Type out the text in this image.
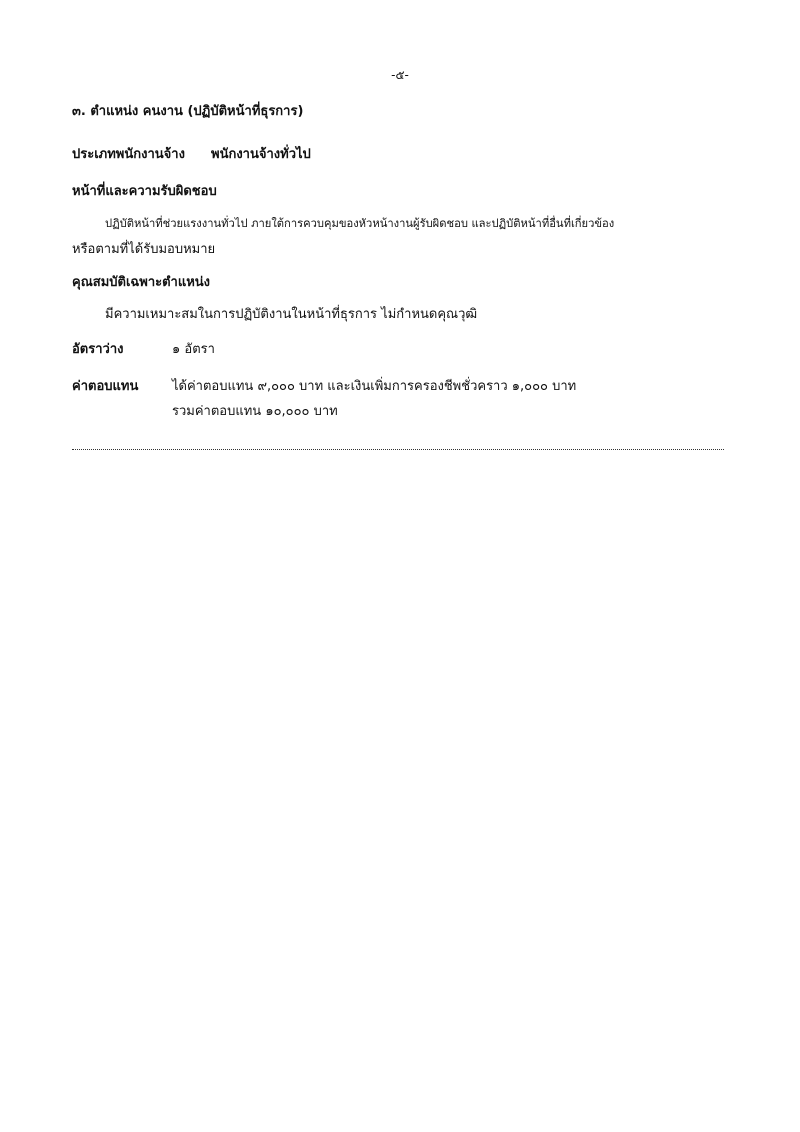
-๕-
๓. ตำแหน่ง คนงาน (ปฏิบัติหน้าที่ธุรการ)
ประเภทพนักงานจ้าง พนักงานจ้างทั่วไป
หน้าที่และความรับผิดชอบ
ปฏิบัติหน้าที่ช่วยแรงงานทั่วไป ภายใต้การควบคุมของหัวหน้างานผู้รับผิดชอบ และปฏิบัติหน้าที่อื่นที่เกี่ยวข้อง
หรือตามที่ได้รับมอบหมาย
คุณสมบัติเฉพาะตำแหน่ง
มีความเหมาะสมในการปฏิบัติงานในหน้าที่ธุรการ ไม่กำหนดคุณวุฒิ
อัตราว่าง	๑ อัตรา
ค่าตอบแทน	ได้ค่าตอบแทน ๙,๐๐๐ บาท และเงินเพิ่มการครองชีพชั่วคราว ๑,๐๐๐ บาท
รวมค่าตอบแทน ๑๐,๐๐๐ บาท
